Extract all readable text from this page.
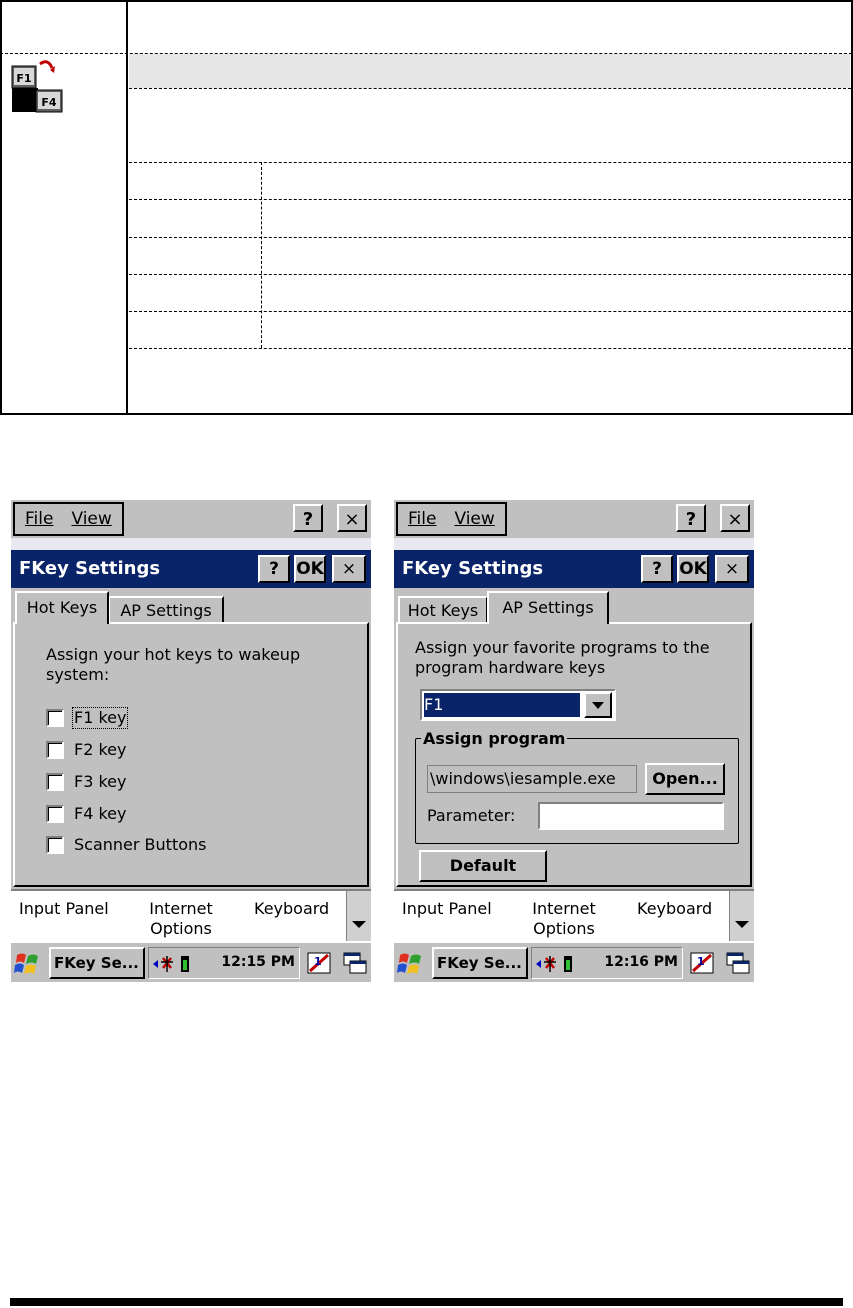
F1
F4
File View	?	×
FKey Settings	?	OK	×
Hot Keys	AP Settings
Assign your hot keys to wakeup system:
F1 key
F2 key
F3 key
F4 key
Scanner Buttons
Input Panel	Internet Options
Keyboard
FKey Se...	12:15 PM 1
File View	?	×
FKey Settings	?	OK	×
Hot Keys	AP Settings
Assign your favorite programs to the program hardware keys
F1
Assign program
\windows\iesample.exe	Open...
Parameter:
Default
Input Panel	Internet Options
Keyboard
FKey Se...	12:16 PM 1
